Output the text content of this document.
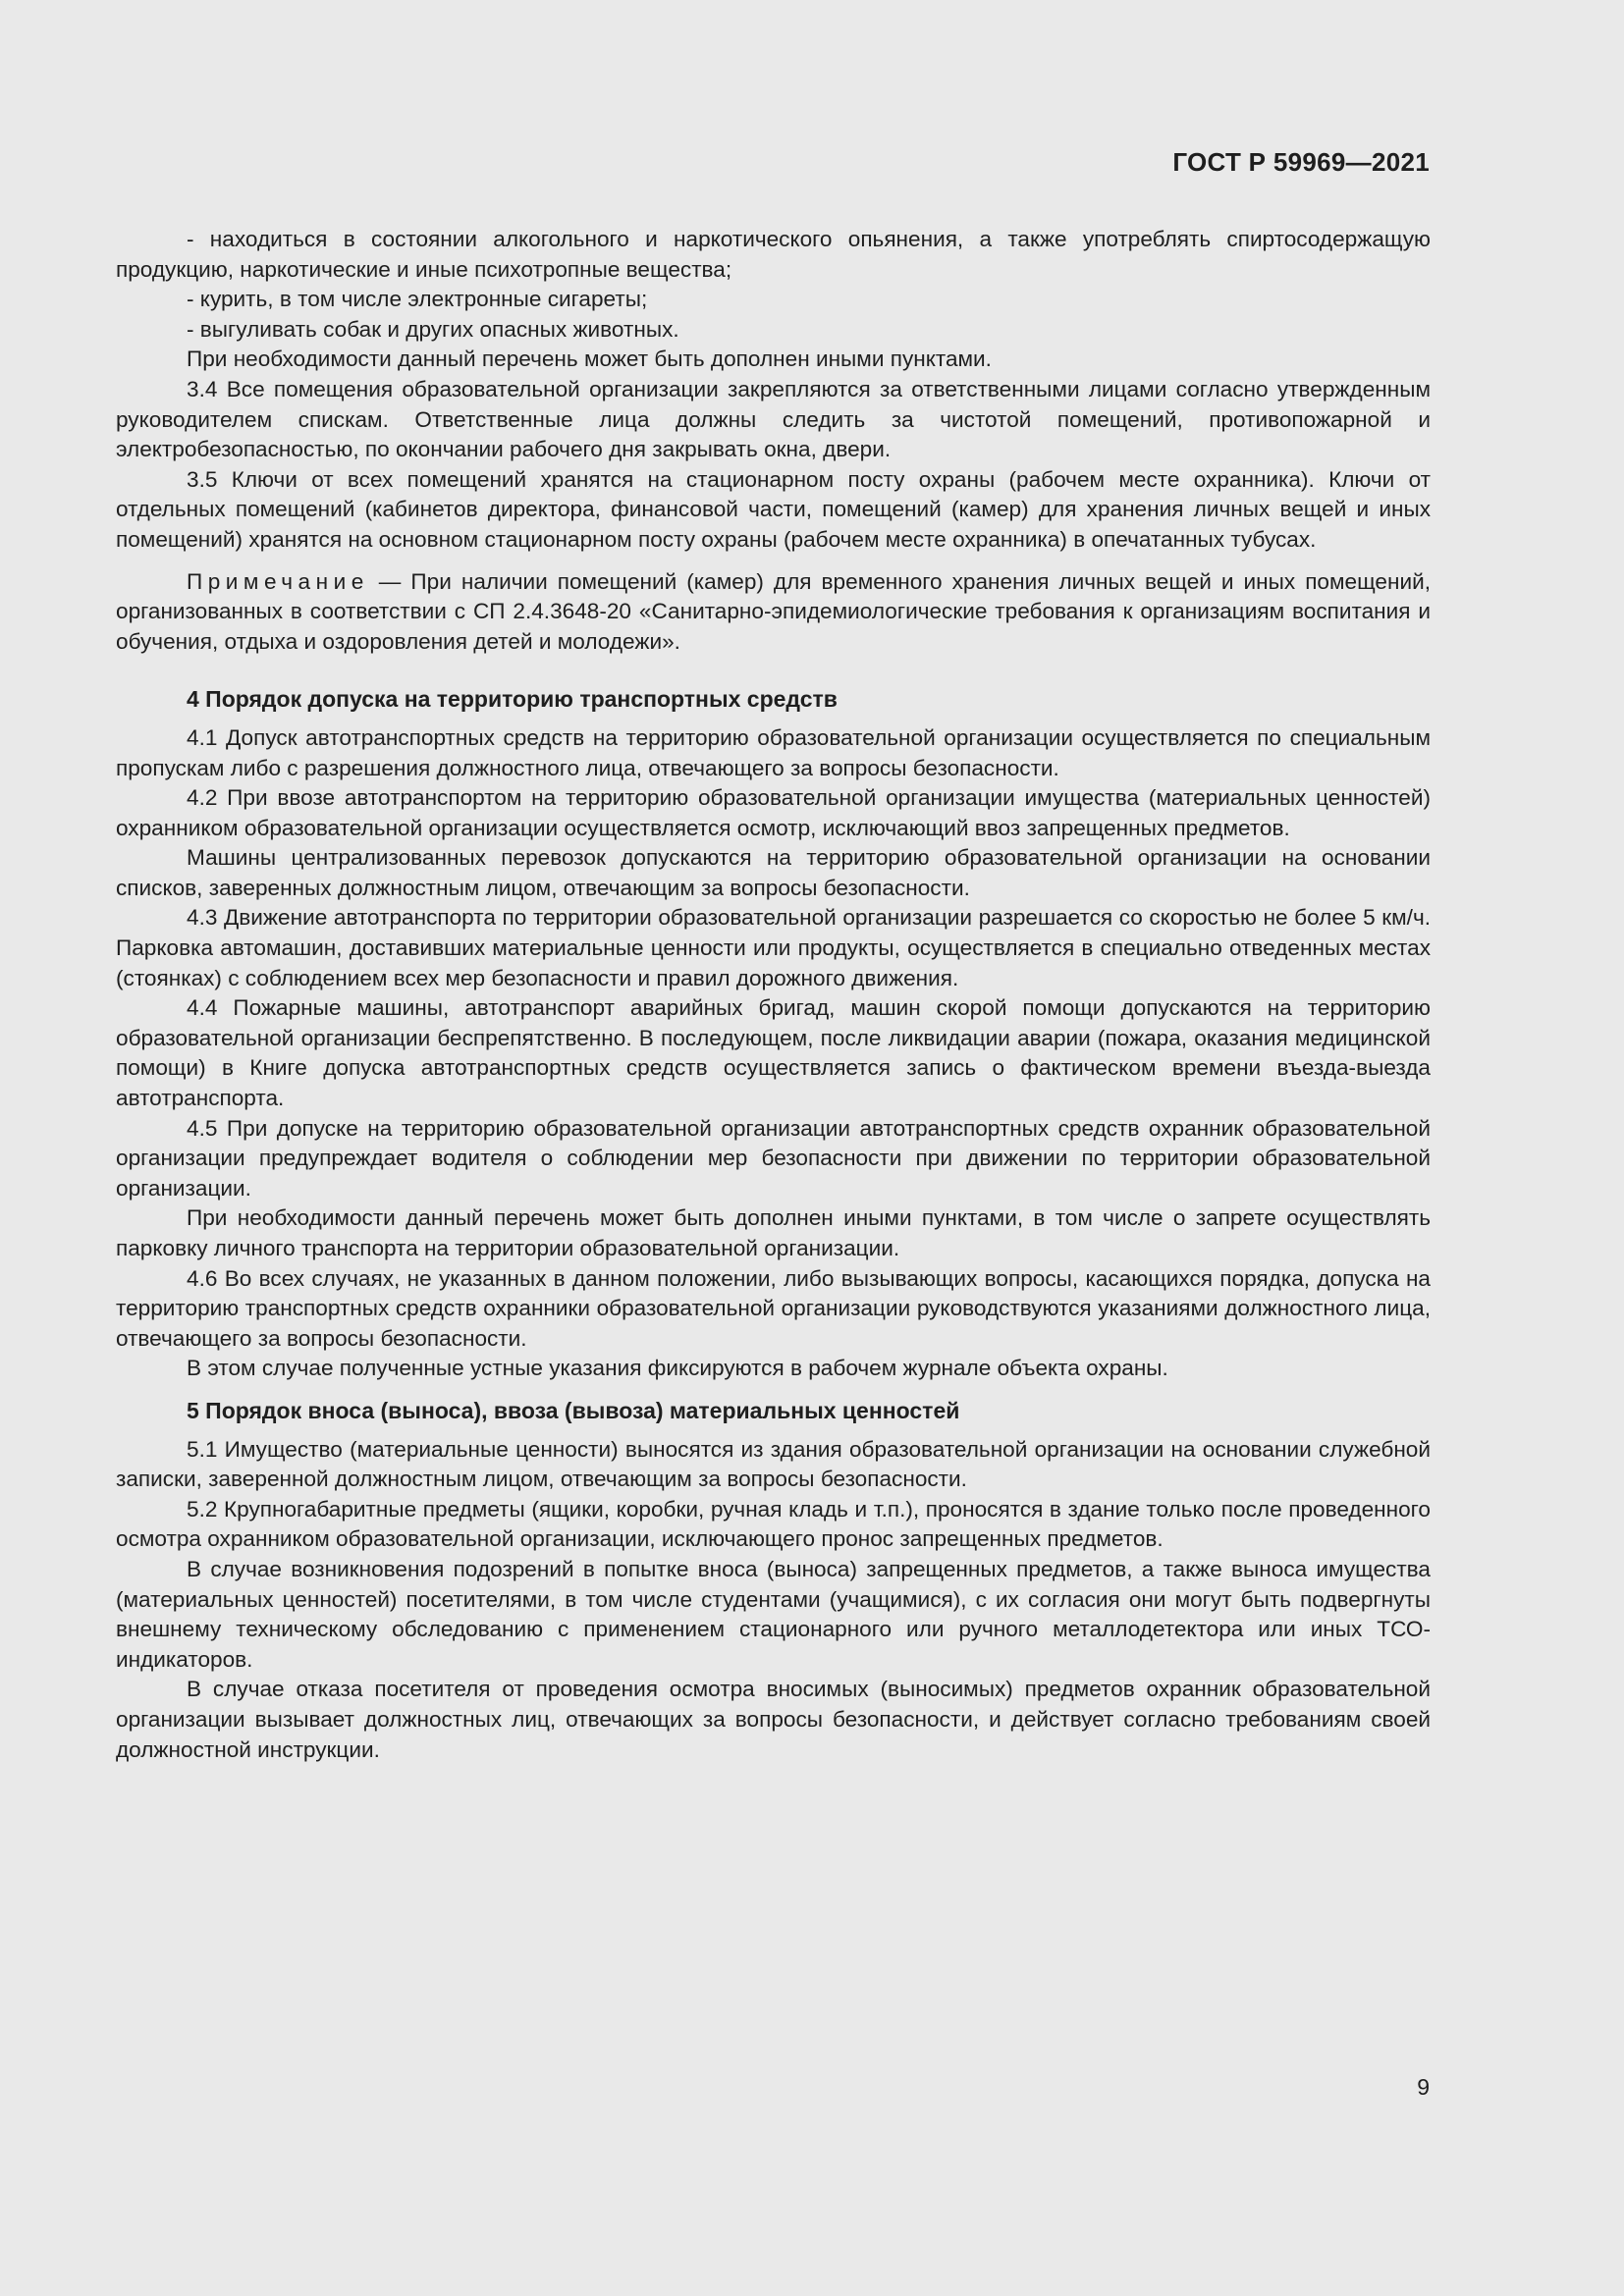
ГОСТ Р 59969—2021

- находиться в состоянии алкогольного и наркотического опьянения, а также употреблять спиртосодержащую продукцию, наркотические и иные психотропные вещества;

- курить, в том числе электронные сигареты;

- выгуливать собак и других опасных животных.

При необходимости данный перечень может быть дополнен иными пунктами.

3.4 Все помещения образовательной организации закрепляются за ответственными лицами согласно утвержденным руководителем спискам. Ответственные лица должны следить за чистотой помещений, противопожарной и электробезопасностью, по окончании рабочего дня закрывать окна, двери.

3.5 Ключи от всех помещений хранятся на стационарном посту охраны (рабочем месте охранника). Ключи от отдельных помещений (кабинетов директора, финансовой части, помещений (камер) для хранения личных вещей и иных помещений) хранятся на основном стационарном посту охраны (рабочем месте охранника) в опечатанных тубусах.

Примечание — При наличии помещений (камер) для временного хранения личных вещей и иных помещений, организованных в соответствии с СП 2.4.3648-20 «Санитарно-эпидемиологические требования к организациям воспитания и обучения, отдыха и оздоровления детей и молодежи».

4 Порядок допуска на территорию транспортных средств

4.1 Допуск автотранспортных средств на территорию образовательной организации осуществляется по специальным пропускам либо с разрешения должностного лица, отвечающего за вопросы безопасности.

4.2 При ввозе автотранспортом на территорию образовательной организации имущества (материальных ценностей) охранником образовательной организации осуществляется осмотр, исключающий ввоз запрещенных предметов.

Машины централизованных перевозок допускаются на территорию образовательной организации на основании списков, заверенных должностным лицом, отвечающим за вопросы безопасности.

4.3 Движение автотранспорта по территории образовательной организации разрешается со скоростью не более 5 км/ч. Парковка автомашин, доставивших материальные ценности или продукты, осуществляется в специально отведенных местах (стоянках) с соблюдением всех мер безопасности и правил дорожного движения.

4.4 Пожарные машины, автотранспорт аварийных бригад, машин скорой помощи допускаются на территорию образовательной организации беспрепятственно. В последующем, после ликвидации аварии (пожара, оказания медицинской помощи) в Книге допуска автотранспортных средств осуществляется запись о фактическом времени въезда-выезда автотранспорта.

4.5 При допуске на территорию образовательной организации автотранспортных средств охранник образовательной организации предупреждает водителя о соблюдении мер безопасности при движении по территории образовательной организации.

При необходимости данный перечень может быть дополнен иными пунктами, в том числе о запрете осуществлять парковку личного транспорта на территории образовательной организации.

4.6 Во всех случаях, не указанных в данном положении, либо вызывающих вопросы, касающихся порядка, допуска на территорию транспортных средств охранники образовательной организации руководствуются указаниями должностного лица, отвечающего за вопросы безопасности.

В этом случае полученные устные указания фиксируются в рабочем журнале объекта охраны.

5 Порядок вноса (выноса), ввоза (вывоза) материальных ценностей

5.1 Имущество (материальные ценности) выносятся из здания образовательной организации на основании служебной записки, заверенной должностным лицом, отвечающим за вопросы безопасности.

5.2 Крупногабаритные предметы (ящики, коробки, ручная кладь и т.п.), проносятся в здание только после проведенного осмотра охранником образовательной организации, исключающего пронос запрещенных предметов.

В случае возникновения подозрений в попытке вноса (выноса) запрещенных предметов, а также выноса имущества (материальных ценностей) посетителями, в том числе студентами (учащимися), с их согласия они могут быть подвергнуты внешнему техническому обследованию с применением стационарного или ручного металлодетектора или иных ТСО-индикаторов.

В случае отказа посетителя от проведения осмотра вносимых (выносимых) предметов охранник образовательной организации вызывает должностных лиц, отвечающих за вопросы безопасности, и действует согласно требованиям своей должностной инструкции.

9
